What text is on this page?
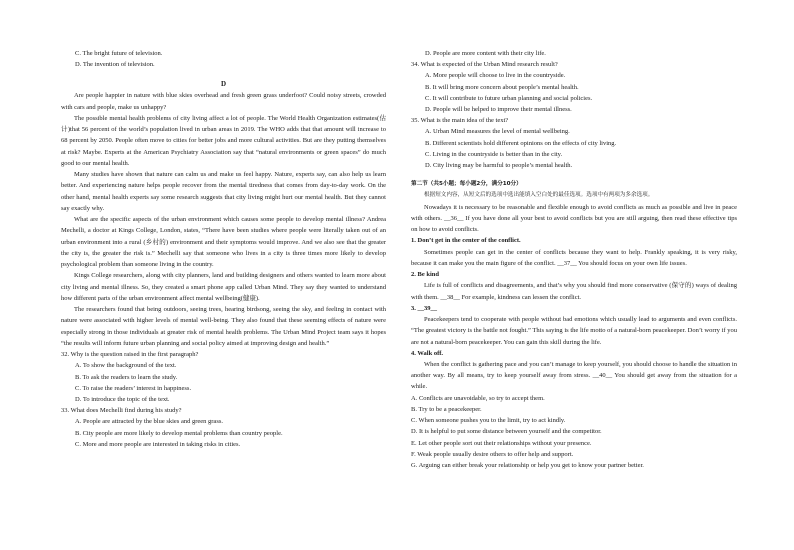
C. The bright future of television.
D. The invention of television.

D

Are people happier in nature with blue skies overhead and fresh green grass underfoot? Could noisy streets, crowded with cars and people, make us unhappy?

The possible mental health problems of city living affect a lot of people. The World Health Organization estimates(估计)that 56 percent of the world’s population lived in urban areas in 2019. The WHO adds that that amount will increase to 68 percent by 2050. People often move to cities for better jobs and more cultural activities. But are they putting themselves at risk? Maybe. Experts at the American Psychiatry Association say that “natural environments or green spaces” do much good to our mental health.

Many studies have shown that nature can calm us and make us feel happy. Nature, experts say, can also help us learn better. And experiencing nature helps people recover from the mental tiredness that comes from day-to-day work. On the other hand, mental health experts say some research suggests that city living might hurt our mental health. But they cannot say exactly why.

What are the specific aspects of the urban environment which causes some people to develop mental illness? Andrea Mechelli, a doctor at Kings College, London, states, “There have been studies where people were literally taken out of an urban environment into a rural (乡村的) environment and their symptoms would improve. And we also see that the greater the city is, the greater the risk is.” Mechelli say that someone who lives in a city is three times more likely to develop psychological problem than someone living in the country.

Kings College researchers, along with city planners, land and building designers and others wanted to learn more about city living and mental illness. So, they created a smart phone app called Urban Mind. They say they wanted to understand how different parts of the urban environment affect mental wellbeing(健康).

The researchers found that being outdoors, seeing trees, hearing birdsong, seeing the sky, and feeling in contact with nature were associated with higher levels of mental well-being. They also found that these seeming effects of nature were especially strong in those individuals at greater risk of mental health problems. The Urban Mind Project team says it hopes “the results will inform future urban planning and social policy aimed at improving design and health.”

32. Why is the question raised in the first paragraph?
A. To show the background of the text.
B. To ask the readers to learn the study.
C. To raise the readers’ interest in happiness.
D. To introduce the topic of the text.
33. What does Mechelli find during his study?
A. People are attracted by the blue skies and green grass.
B. City people are more likely to develop mental problems than country people.
C. More and more people are interested in taking risks in cities.
D. People are more content with their city life.
34. What is expected of the Urban Mind research result?
A. More people will choose to live in the countryside.
B. It will bring more concern about people’s mental health.
C. It will contribute to future urban planning and social policies.
D. People will be helped to improve their mental illness.
35. What is the main idea of the text?
A. Urban Mind measures the level of mental wellbeing.
B. Different scientists hold different opinions on the effects of city living.
C. Living in the countryside is better than in the city.
D. City living may be harmful to people’s mental health.
第二节（共5小题；每小题2分，满分10分）
根据短文内容，从短文后的选项中选出能填入空白处的最佳选项。选项中有两项为多余选项。

Nowadays it is necessary to be reasonable and flexible enough to avoid conflicts as much as possible and live in peace with others. __36__ If you have done all your best to avoid conflicts but you are still arguing, then read these effective tips on how to avoid conflicts.

1. Don’t get in the center of the conflict.

Sometimes people can get in the center of conflicts because they want to help. Frankly speaking, it is very risky, because it can make you the main figure of the conflict. __37__ You should focus on your own life issues.

2. Be kind

Life is full of conflicts and disagreements, and that’s why you should find more conservative (保守的) ways of dealing with them. __38__ For example, kindness can lessen the conflict.

3. __39__

Peacekeepers tend to cooperate with people without bad emotions which usually lead to arguments and even conflicts. “The greatest victory is the battle not fought.” This saying is the life motto of a natural-born peacekeeper. Don’t worry if you are not a natural-born peacekeeper. You can gain this skill during the life.

4. Walk off.

When the conflict is gathering pace and you can’t manage to keep yourself, you should choose to handle the situation in another way. By all means, try to keep yourself away from stress. __40__ You should get away from the situation for a while.

A. Conflicts are unavoidable, so try to accept them.
B. Try to be a peacekeeper.
C. When someone pushes you to the limit, try to act kindly.
D. It is helpful to put some distance between yourself and the competitor.
E. Let other people sort out their relationships without your presence.
F. Weak people usually desire others to offer help and support.
G. Arguing can either break your relationship or help you get to know your partner better.
